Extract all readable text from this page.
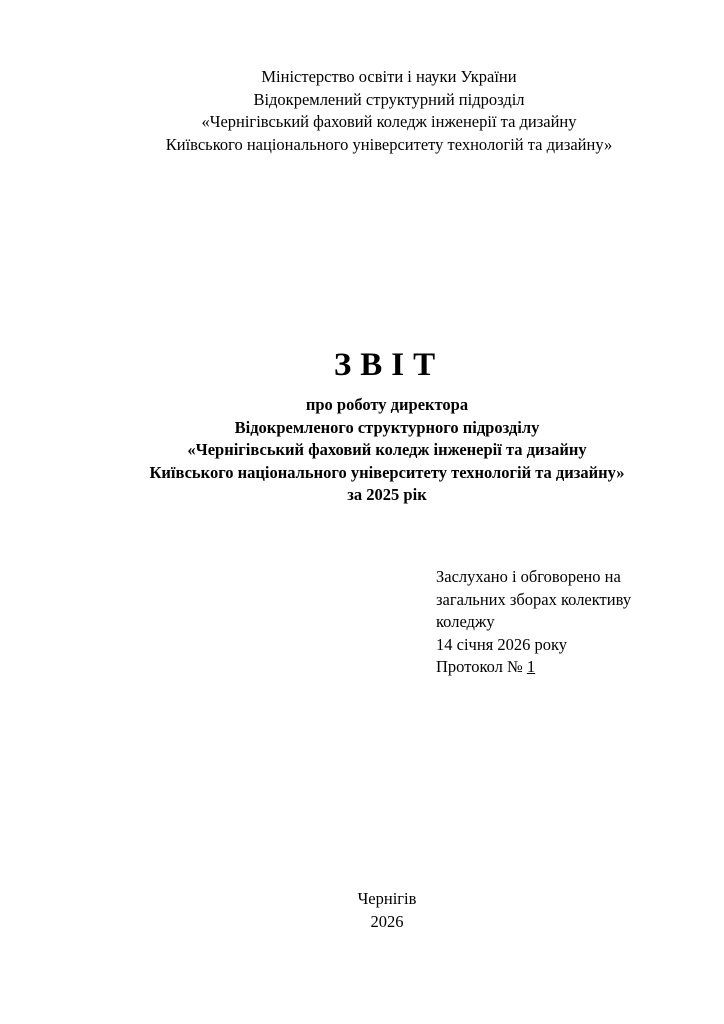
Міністерство освіти і науки України
Відокремлений структурний підрозділ
«Чернігівський фаховий коледж інженерії та дизайну
Київського національного університету технологій та дизайну»
ЗВІТ
про роботу директора
Відокремленого структурного підрозділу
«Чернігівський фаховий коледж інженерії та дизайну
Київського національного університету технологій та дизайну»
за 2025 рік
Заслухано і обговорено на
загальних зборах колективу
коледжу
14 січня 2026 року
Протокол № 1
Чернігів
2026
